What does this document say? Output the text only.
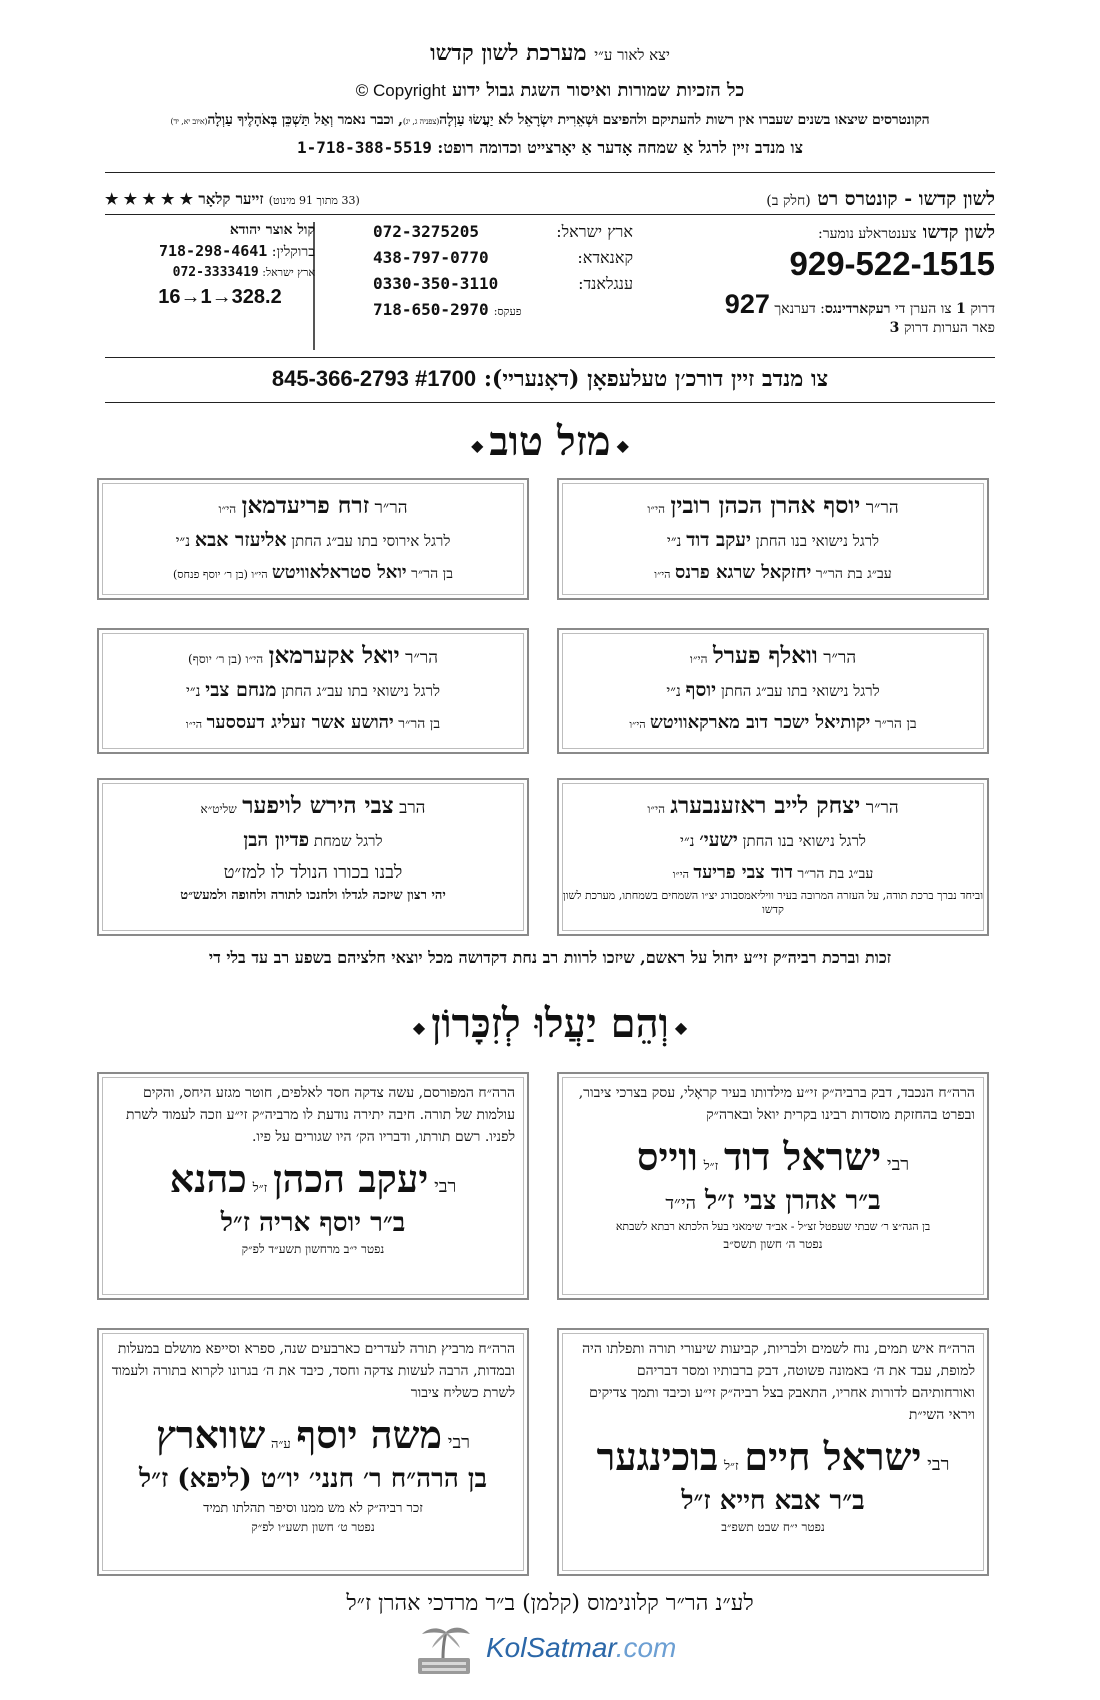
יצא לאור ע״י מערכת לשון קדשו
כל הזכיות שמורות ואיסור השגת גבול ידוע Copyright ©
הקונטרסים שיצאו בשנים שעברו אין רשות להעתיקם ולהפיצם וּשְׁאֵרִית יִשְׂרָאֵל לֹא יַעֲשׂוּ עַוְלָה(צפניה ג, יג), וכבר נאמר וְאַל תַּשְׁכֵּן בְּאֹהָלֶיךָ עַוְלָה(איוב יא, יד)
צו מנדב זיין לרגל אַ שמחה אָדער אַ יאָרצייט וכדומה רופט: 1-718-388-5519
לשון קדשו - קונטרס רט (חלק ב)
(33 מתוך 91 מינוט) זייער קלאָר ★ ★ ★ ★ ★
לשון קדשו צענטראלע נומער:
929-522-1515
דרוק 1 צו הערן די רעקארדינגס: דערנאך 927
פאר הערות דרוק 3
ארץ ישראל:
072-3275205
קאנאדא:
438-797-0770
ענגלאנד:
0330-350-3110
פעקס: 718-650-2970
קול אוצר יהודא
ברוקלין: 718-298-4641
ארץ ישראל: 072-3333419
16→1→328.2
צו מנדב זיין דורכ׳ן טעלעפאָן (דאָנעריי): 845-366-2793 #1700
◆מזל טוב◆
הר״ר יוסף אהרן הכהן רובין הי״ו
לרגל נישואי בנו החתן יעקב דוד נ״י
עב״ג בת הר״ר יחזקאל שרגא פרנס הי״ו
הר״ר זרח פריעדמאן הי״ו
לרגל אירוסי בתו עב״ג החתן אליעזר אבא נ״י
בן הר״ר יואל סטראלאוויטש הי״ו (בן ר׳ יוסף פנחס)
הר״ר וואלף פערל הי״ו
לרגל נישואי בתו עב״ג החתן יוסף נ״י
בן הר״ר יקותיאל ישכר דוב מארקאוויטש הי״ו
הר״ר יואל אקערמאן הי״ו (בן ר׳ יוסף)
לרגל נישואי בתו עב״ג החתן מנחם צבי נ״י
בן הר״ר יהושע אשר זעליג דעססער הי״ו
הר״ר יצחק לייב ראזענבערג הי״ו
לרגל נישואי בנו החתן ישעי׳ נ״י
עב״ג בת הר״ר דוד צבי פריעד הי״ו
וביחד נברך ברכת תודה, על העזרה המרובה בעיר וויליאמסבורג יצ״ו השמחים בשמחתו, מערכת לשון קדשו
הרב צבי הירש לויפער שליט״א
לרגל שמחת פדיון הבן
לבנו בכורו הנולד לו למז״ט
יהי רצון שיזכה לגדלו ולחנכו לתורה ולחופה ולמעש״ט
זכות וברכת רביה״ק זי״ע יחול על ראשם, שיזכו לרוות רב נחת דקדושה מכל יוצאי חלציהם בשפע רב עד בלי די
◆וְהֵם יַעֲלוּ לְזִכָּרוֹן◆
הרה״ח הנכבד, דבק ברביה״ק זי״ע מילדותו בעיר קראָלי, עסק בצרכי ציבור, ובפרט בהחזקת מוסדות רבינו בקרית יואל ובארה״ק
רבי ישראל דוד ז״ל ווייס
ב״ר אהרן צבי ז״ל הי״ד
בן הגה״צ ר׳ שבתי שעפטל זצ״ל - אב״ד שימאני בעל הלכתא רבתא לשבתא
נפטר ה׳ חשון תשס״ב
הרה״ח המפורסם, עשה צדקה חסד לאלפים, חוטר מגזע היחס, והקים עולמות של תורה. חיבה יתירה נודעת לו מרביה״ק זי״ע וזכה לעמוד לשרת לפניו. רשם תורתו, ודבריו הק׳ היו שגורים על פיו.
רבי יעקב הכהן ז״ל כהנא
ב״ר יוסף אריה ז״ל
נפטר י״ב מרחשון תשע״ד לפ״ק
הרה״ח איש תמים, נוח לשמים ולבריות, קביעות שיעורי תורה ותפלתו היה למופת, עבד את ה׳ באמונה פשוטה, דבק ברבותיו ומסר דבריהם ואורחותיהם לדורות אחריו, התאבק בצל רביה״ק זי״ע וכיבד ותמך צדיקים ויראי השי״ת
רבי ישראל חיים ז״ל בוכינגער
ב״ר אבא חייא ז״ל
נפטר י״ח שבט תשפ״ב
הרה״ח מרביץ תורה לעדרים כארבעים שנה, ספרא וסייפא מושלם במעלות ובמדות, הרבה לעשות צדקה וחסד, כיבד את ה׳ בגרונו לקרוא בתורה ולעמוד לשרת כשליח ציבור
רבי משה יוסף ע״ה שווארץ
בן הרה״ח ר׳ חנני׳ יו״ט (ליפא) ז״ל
זכר רביה״ק לא מש ממנו וסיפר תהלתו תמיד
נפטר ט׳ חשון תשע״ו לפ״ק
לע״נ הר״ר קלונימוס (קלמן) ב״ר מרדכי אהרן ז״ל
KolSatmar.com
